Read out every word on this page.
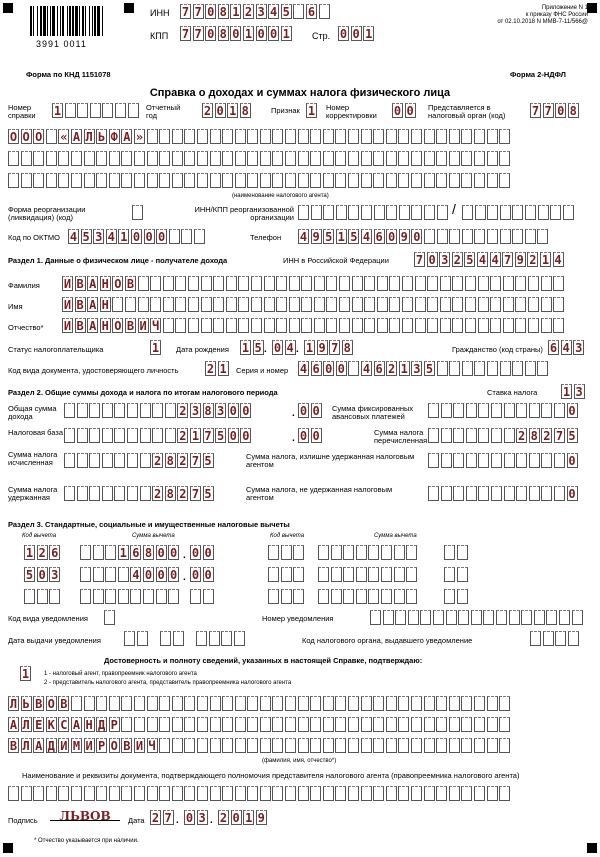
3991 0011
ИНН 7 7 0 8 1 2 3 4 5 6
КПП 7 7 0 8 0 1 0 0 1 Стр. 0 0 1
Приложение N 1
к приказу ФНС России
от 02.10.2018 N ММВ-7-11/566@
Форма по КНД 1151078	Форма 2-НДФЛ
Справка о доходах и суммах налога физического лица
Номер справки	1	Отчетный год	2 0 1 8	Признак 1 Номер корректировки	0 0 Представляется в налоговый орган (код)	7 7 0 8
О О О « А Л Ь Ф А »
(наименование налогового агента)
Форма реорганизации (ликвидация) (код)
ИНН/КПП реорганизованной организации
/
Код по ОКТМО 4 5 3 4 1 0 0 0	Телефон 4 9 5 1 5 4 6 0 9 0
Раздел 1. Данные о физическом лице - получателе дохода	ИНН в Российской Федерации 7 0 3 2 5 4 4 7 9 2 1 4
Фамилия И В А Н О В
Имя	И В А Н
Отчество* И В А Н О В И Ч
Статус налогоплательщика	1 Дата рождения 1 5 0 4 1 9 7 8
.	.	Гражданство (код страны) 6 4 3
Код вида документа, удостоверяющего личность 2 1 Серия и номер 4 6 0 0 4 6 2 1 3 5
Раздел 2. Общие суммы дохода и налога по итогам налогового периода	Ставка налога 1 3
Общая сумма дохода	2 3 8 3 0 0	. 0 0 Сумма фиксированных авансовых платежей	0
Налоговая база	2 1 7 5 0 0	. 0 0	Сумма налога перечисленная	2 8 2 7 5
Сумма налога исчисленная	2 8 2 7 5	Сумма налога, излишне удержанная налоговым агентом	0
Сумма налога удержанная	2 8 2 7 5	Сумма налога, не удержанная налоговым агентом	0
Раздел 3. Стандартные, социальные и имущественные налоговые вычеты
Код вычета	Сумма вычета	Код вычета	Сумма вычета
1 2 6	1 6 8 0 0 . 0 0
5 0 3	4 0 0 0 . 0 0
Код вида уведомления	Номер уведомления
Дата выдачи уведомления	Код налогового органа, выдавшего уведомление
Достоверность и полноту сведений, указанных в настоящей Справке, подтверждаю:
1	1 - налоговый агент, правопреемник налогового агента
2 - представитель налогового агента, представитель правопреемника налогового агента
Л Ь В О В
А Л Е К С А Н Д Р
В Л А Д И М И Р О В И Ч
(фамилия, имя, отчество*)
Наименование и реквизиты документа, подтверждающего полномочия представителя налогового агента (правопреемника налогового агента)
Подпись	ЛЬВОВ	Дата 2 7 . 0 3 . 2 0 1 9
* Отчество указывается при наличии.
